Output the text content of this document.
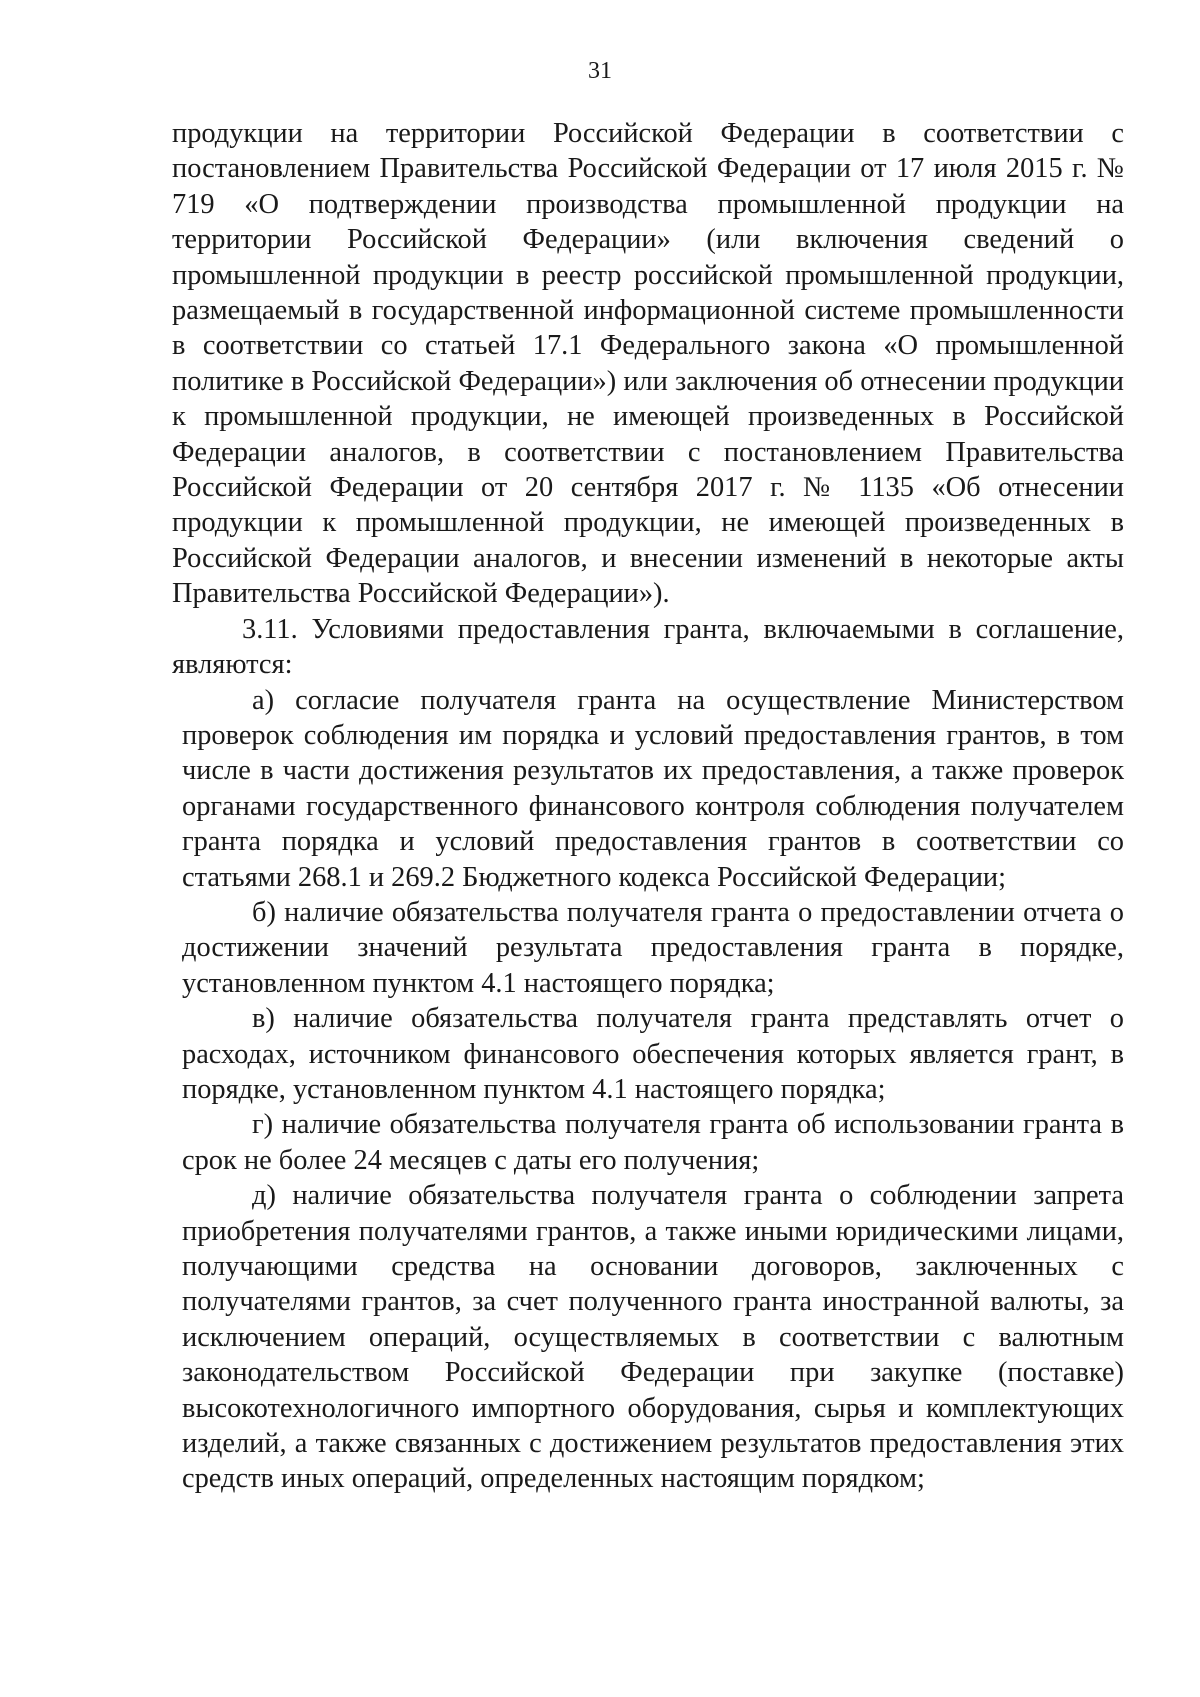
31

продукции на территории Российской Федерации в соответствии с постановлением Правительства Российской Федерации от 17 июля 2015 г. № 719 «О подтверждении производства промышленной продукции на территории Российской Федерации» (или включения сведений о промышленной продукции в реестр российской промышленной продукции, размещаемый в государственной информационной системе промышленности в соответствии со статьей 17.1 Федерального закона «О промышленной политике в Российской Федерации») или заключения об отнесении продукции к промышленной продукции, не имеющей произведенных в Российской Федерации аналогов, в соответствии с постановлением Правительства Российской Федерации от 20 сентября 2017 г. № 1135 «Об отнесении продукции к промышленной продукции, не имеющей произведенных в Российской Федерации аналогов, и внесении изменений в некоторые акты Правительства Российской Федерации»).

3.11. Условиями предоставления гранта, включаемыми в соглашение, являются:

а) согласие получателя гранта на осуществление Министерством проверок соблюдения им порядка и условий предоставления грантов, в том числе в части достижения результатов их предоставления, а также проверок органами государственного финансового контроля соблюдения получателем гранта порядка и условий предоставления грантов в соответствии со статьями 268.1 и 269.2 Бюджетного кодекса Российской Федерации;

б) наличие обязательства получателя гранта о предоставлении отчета о достижении значений результата предоставления гранта в порядке, установленном пунктом 4.1 настоящего порядка;

в) наличие обязательства получателя гранта представлять отчет о расходах, источником финансового обеспечения которых является грант, в порядке, установленном пунктом 4.1 настоящего порядка;

г) наличие обязательства получателя гранта об использовании гранта в срок не более 24 месяцев с даты его получения;

д) наличие обязательства получателя гранта о соблюдении запрета приобретения получателями грантов, а также иными юридическими лицами, получающими средства на основании договоров, заключенных с получателями грантов, за счет полученного гранта иностранной валюты, за исключением операций, осуществляемых в соответствии с валютным законодательством Российской Федерации при закупке (поставке) высокотехнологичного импортного оборудования, сырья и комплектующих изделий, а также связанных с достижением результатов предоставления этих средств иных операций, определенных настоящим порядком;
